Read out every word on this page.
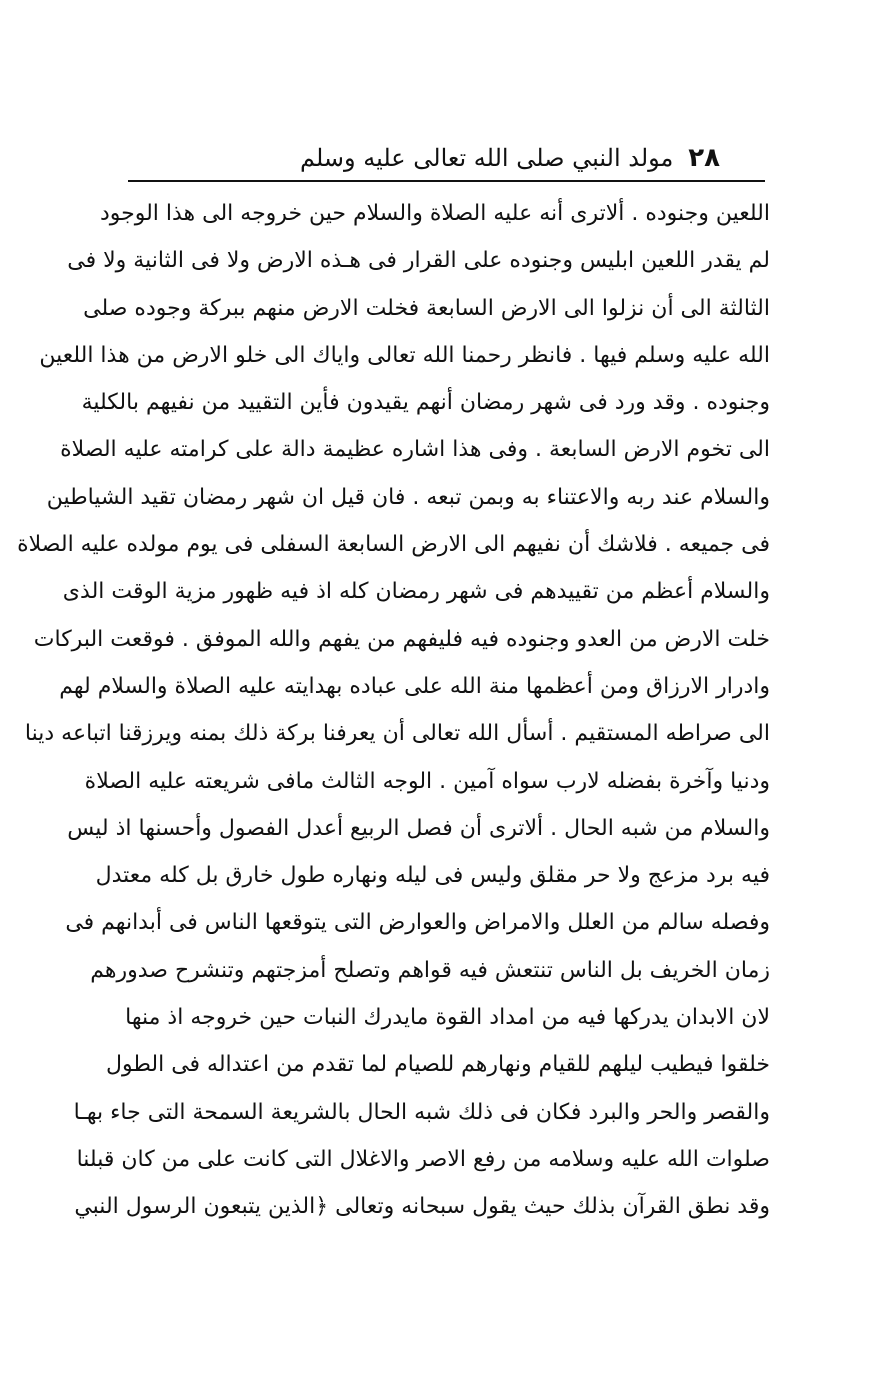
٢٨
مولد النبي صلى الله تعالى عليه وسلم
اللعين وجنوده . ألاترى أنه عليه الصلاة والسلام حين خروجه الى هذا الوجود
لم يقدر اللعين ابليس وجنوده على القرار فى هـذه الارض ولا فى الثانية ولا فى
الثالثة الى أن نزلوا الى الارض السابعة فخلت الارض منهم ببركة وجوده صلى
الله عليه وسلم فيها . فانظر رحمنا الله تعالى واياك الى خلو الارض من هذا اللعين
وجنوده . وقد ورد فى شهر رمضان أنهم يقيدون فأين التقييد من نفيهم بالكلية
الى تخوم الارض السابعة . وفى هذا اشاره عظيمة دالة على كرامته عليه الصلاة
والسلام عند ربه والاعتناء به وبمن تبعه . فان قيل ان شهر رمضان تقيد الشياطين
فى جميعه . فلاشك أن نفيهم الى الارض السابعة السفلى فى يوم مولده عليه الصلاة
والسلام أعظم من تقييدهم فى شهر رمضان كله اذ فيه ظهور مزية الوقت الذى
خلت الارض من العدو وجنوده فيه فليفهم من يفهم والله الموفق . فوقعت البركات
وادرار الارزاق ومن أعظمها منة الله على عباده بهدايته عليه الصلاة والسلام لهم
الى صراطه المستقيم . أسأل الله تعالى أن يعرفنا بركة ذلك بمنه ويرزقنا اتباعه دينا
ودنيا وآخرة بفضله لارب سواه آمين . الوجه الثالث مافى شريعته عليه الصلاة
والسلام من شبه الحال . ألاترى أن فصل الربيع أعدل الفصول وأحسنها اذ ليس
فيه برد مزعج ولا حر مقلق وليس فى ليله ونهاره طول خارق بل كله معتدل
وفصله سالم من العلل والامراض والعوارض التى يتوقعها الناس فى أبدانهم فى
زمان الخريف بل الناس تنتعش فيه قواهم وتصلح أمزجتهم وتنشرح صدورهم
لان الابدان يدركها فيه من امداد القوة مايدرك النبات حين خروجه اذ منها
خلقوا فيطيب ليلهم للقيام ونهارهم للصيام لما تقدم من اعتداله فى الطول
والقصر والحر والبرد فكان فى ذلك شبه الحال بالشريعة السمحة التى جاء بهـا
صلوات الله عليه وسلامه من رفع الاصر والاغلال التى كانت على من كان قبلنا
وقد نطق القرآن بذلك حيث يقول سبحانه وتعالى ﴿الذين يتبعون الرسول النبي
